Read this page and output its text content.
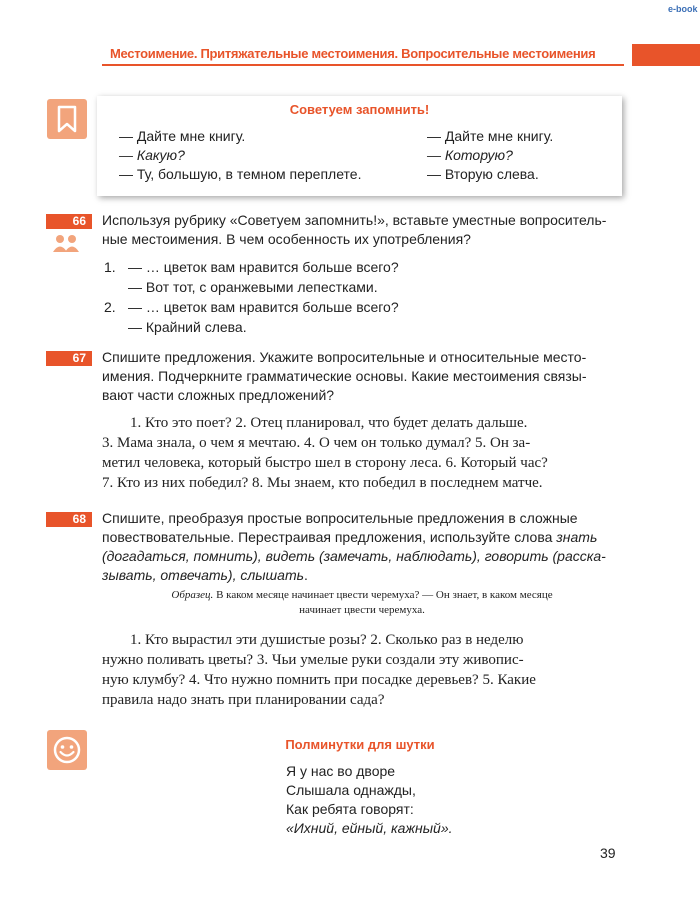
e-book
Местоимение. Притяжательные местоимения. Вопросительные местоимения
Советуем запомнить!
— Дайте мне книгу.
— Какую?
— Ту, большую, в темном переплете.
— Дайте мне книгу.
— Которую?
— Вторую слева.
66	Используя рубрику «Советуем запомнить!», вставьте уместные вопроситель-
ные местоимения. В чем особенность их употребления?
1. — … цветок вам нравится больше всего?
— Вот тот, с оранжевыми лепестками.
2. — … цветок вам нравится больше всего?
— Крайний слева.
67	Спишите предложения. Укажите вопросительные и относительные место-
имения. Подчеркните грамматические основы. Какие местоимения связы-
вают части сложных предложений?
1. Кто это поет? 2. Отец планировал, что будет делать дальше.
3. Мама знала, о чем я мечтаю. 4. О чем он только думал? 5. Он за-
метил человека, который быстро шел в сторону леса. 6. Который час?
7. Кто из них победил? 8. Мы знаем, кто победил в последнем матче.
68	Спишите, преобразуя простые вопросительные предложения в сложные
повествовательные. Перестраивая предложения, используйте слова знать
(догадаться, помнить), видеть (замечать, наблюдать), говорить (расска-
зывать, отвечать), слышать.
Образец. В каком месяце начинает цвести черемуха? — Он знает, в каком месяце
начинает цвести черемуха.
1. Кто вырастил эти душистые розы? 2. Сколько раз в неделю
нужно поливать цветы? 3. Чьи умелые руки создали эту живопис-
ную клумбу? 4. Что нужно помнить при посадке деревьев? 5. Какие
правила надо знать при планировании сада?
Полминутки для шутки
Я у нас во дворе
Слышала однажды,
Как ребята говорят:
«Ихний, ейный, кажный».
39
